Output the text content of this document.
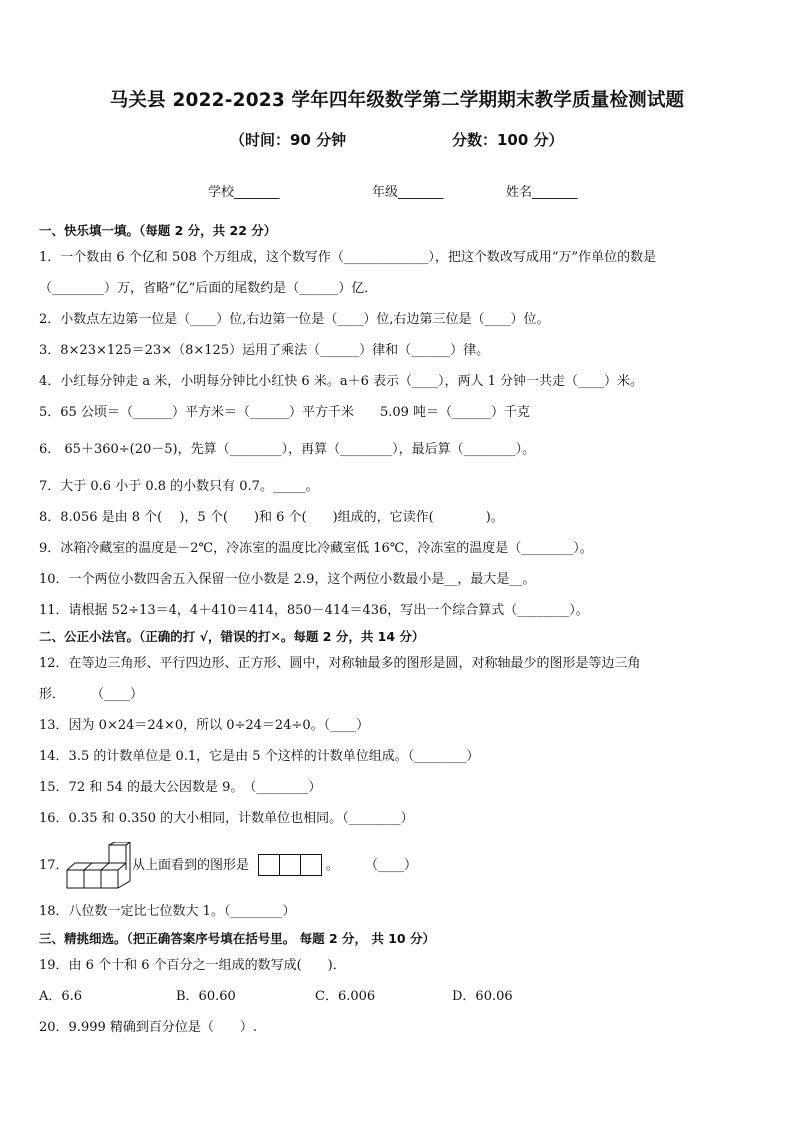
马关县 2022-2023 学年四年级数学第二学期期末教学质量检测试题
（时间：90 分钟	分数：100 分）
学校_______	年级_______	姓名_______
一、快乐填一填。（每题 2 分，共 22 分）
1．一个数由 6 个亿和 508 个万组成，这个数写作（_____________），把这个数改写成用“万”作单位的数是
（________）万，省略“亿”后面的尾数约是（______）亿．
2．小数点左边第一位是（____）位,右边第一位是（____）位,右边第三位是（____）位。
3．8×23×125＝23×（8×125）运用了乘法（______）律和（______）律。
4．小红每分钟走 a 米，小明每分钟比小红快 6 米。a＋6 表示（____），两人 1 分钟一共走（____）米。
5．65 公顷＝（______）平方米＝（______）平方千米　　5.09 吨＝（______）千克
6． 65＋360÷(20－5)，先算（________），再算（________），最后算（________）。
7．大于 0.6 小于 0.8 的小数只有 0.7。_____。
8．8.056 是由 8 个(　 )，5 个(　　)和 6 个(　　)组成的，它读作(　　　　)。
9．冰箱冷藏室的温度是－2℃，冷冻室的温度比冷藏室低 16℃，冷冻室的温度是（________）。
10．一个两位小数四舍五入保留一位小数是 2.9，这个两位小数最小是__，最大是__。
11．请根据 52÷13＝4，4＋410＝414，850－414＝436，写出一个综合算式（________）。
二、公正小法官。（正确的打 √，错误的打✕。每题 2 分，共 14 分）
12．在等边三角形、平行四边形、正方形、圆中，对称轴最多的图形是圆，对称轴最少的图形是等边三角
形．　　　（____）
13．因为 0×24＝24×0，所以 0÷24＝24÷0。（____）
14．3.5 的计数单位是 0.1，它是由 5 个这样的计数单位组成。（________）
15．72 和 54 的最大公因数是 9。　（________）
16．0.35 和 0.350 的大小相同，计数单位也相同。（________）
17．	从上面看到的图形是	。　　　（____）
18．八位数一定比七位数大 1。（________）
三、精挑细选。（把正确答案序号填在括号里。 每题 2 分， 共 10 分）
19．由 6 个十和 6 个百分之一组成的数写成(　　)．
A．6.6	B．60.60	C．6.006	D．60.06
20．9.999 精确到百分位是（　　）.
